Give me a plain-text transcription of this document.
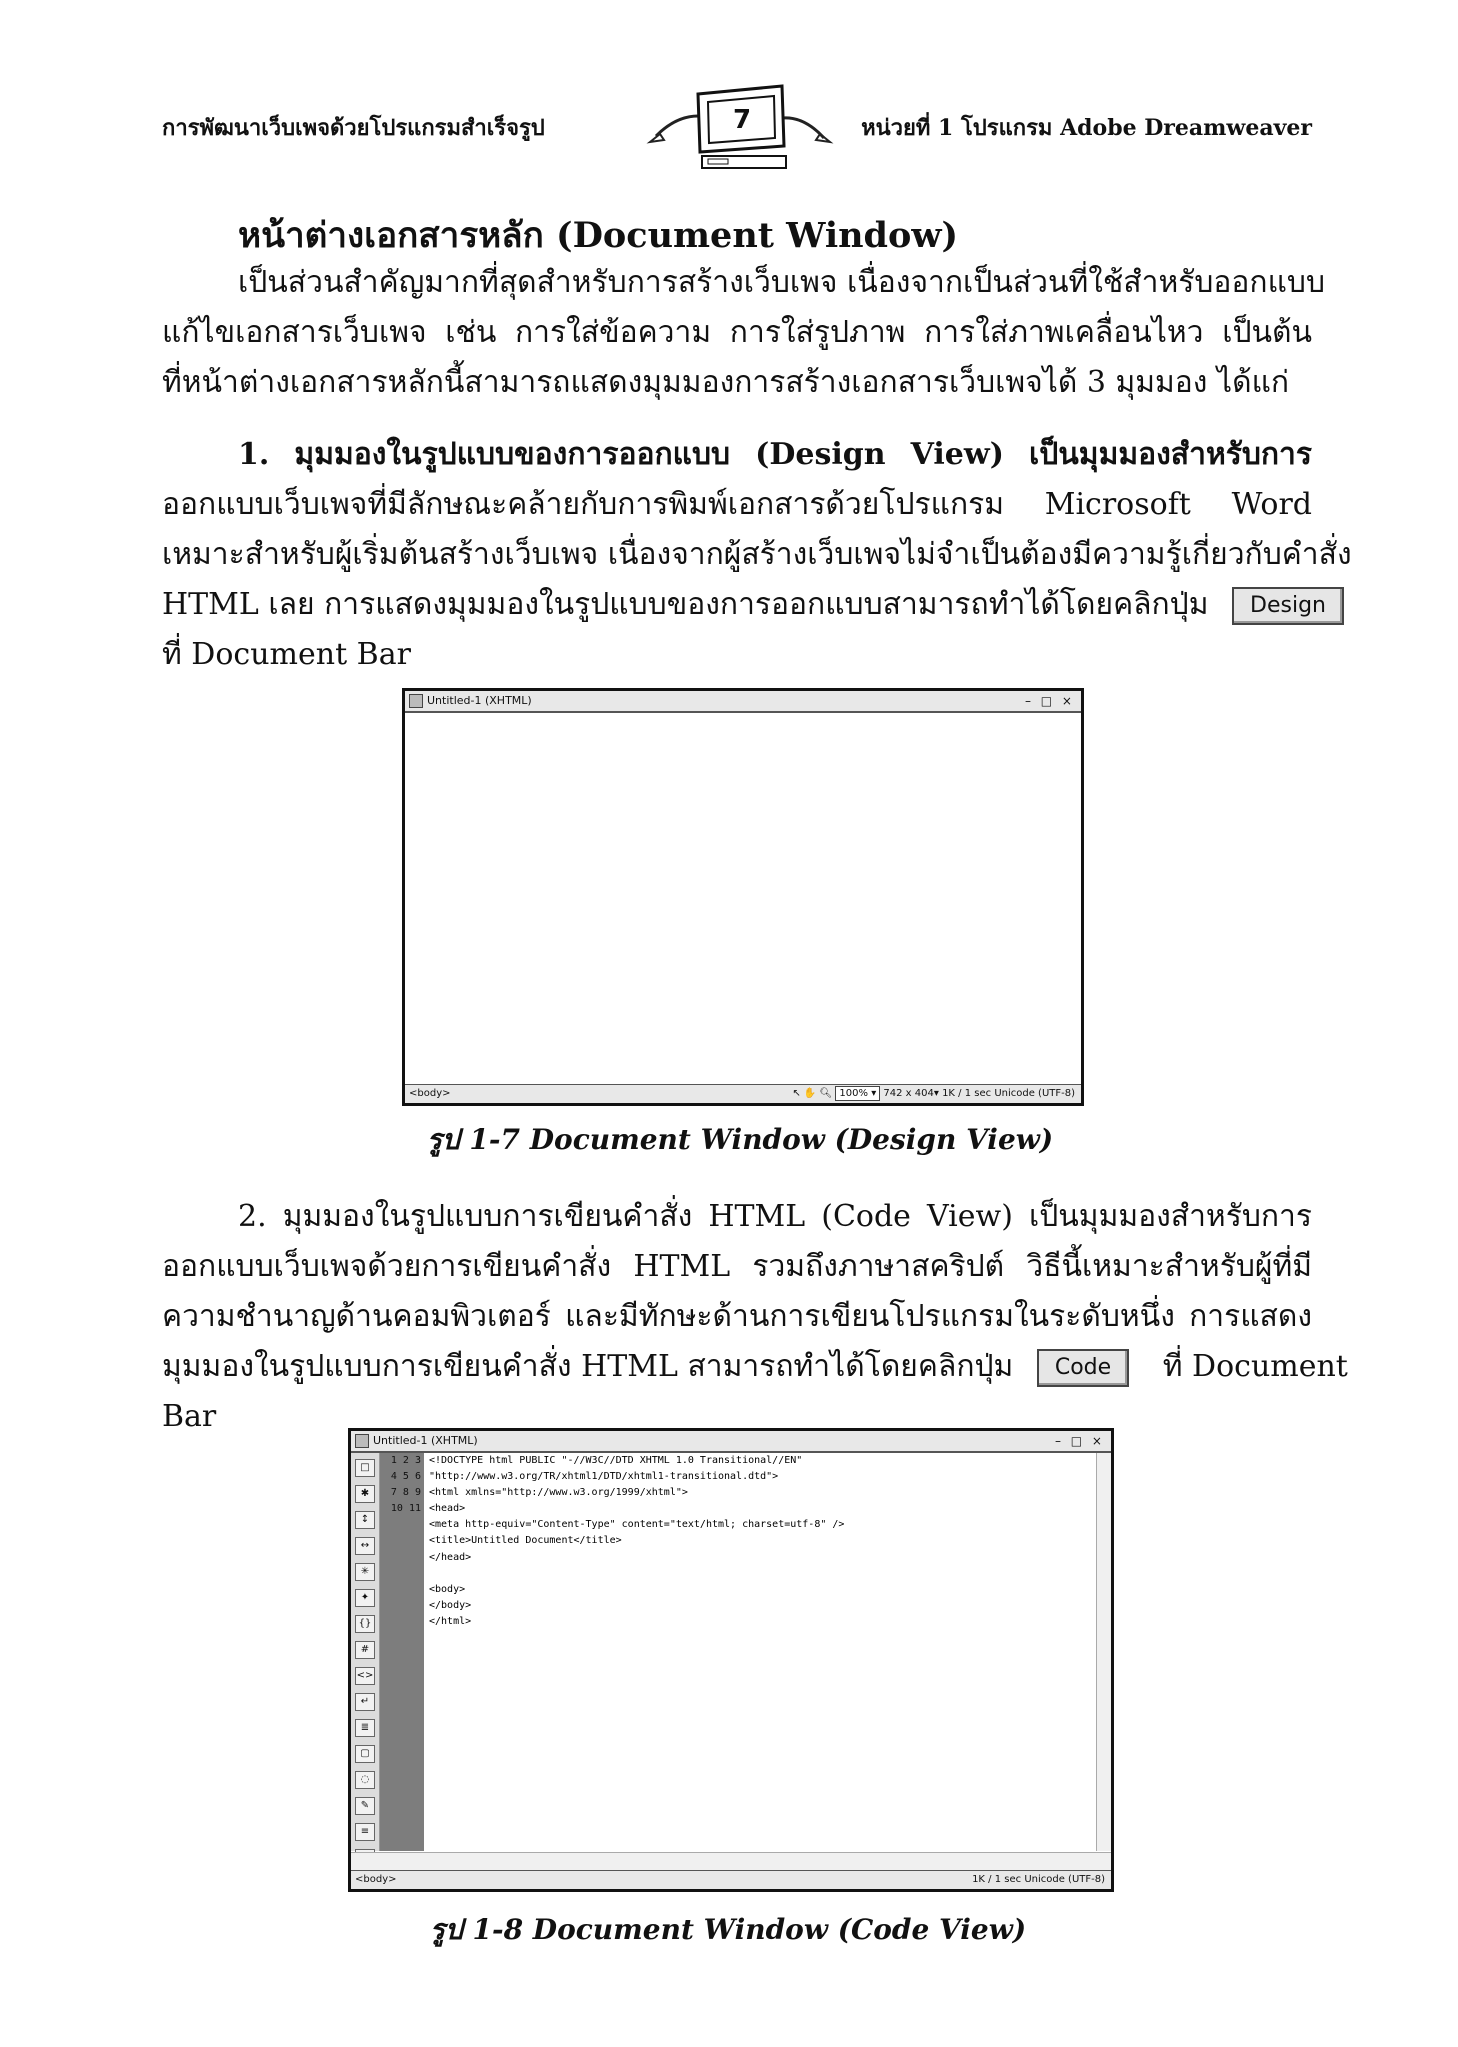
การพัฒนาเว็บเพจด้วยโปรแกรมสำเร็จรูป	7	หน่วยที่ 1 โปรแกรม Adobe Dreamweaver
หน้าต่างเอกสารหลัก (Document Window)
เป็นส่วนสำคัญมากที่สุดสำหรับการสร้างเว็บเพจ เนื่องจากเป็นส่วนที่ใช้สำหรับออกแบบ
แก้ไขเอกสารเว็บเพจ เช่น การใส่ข้อความ การใส่รูปภาพ การใส่ภาพเคลื่อนไหว เป็นต้น
ที่หน้าต่างเอกสารหลักนี้สามารถแสดงมุมมองการสร้างเอกสารเว็บเพจได้ 3 มุมมอง ได้แก่
1. มุมมองในรูปแบบของการออกแบบ (Design View) เป็นมุมมองสำหรับการ
ออกแบบเว็บเพจที่มีลักษณะคล้ายกับการพิมพ์เอกสารด้วยโปรแกรม Microsoft Word
เหมาะสำหรับผู้เริ่มต้นสร้างเว็บเพจ เนื่องจากผู้สร้างเว็บเพจไม่จำเป็นต้องมีความรู้เกี่ยวกับคำสั่ง
HTML เลย การแสดงมุมมองในรูปแบบของการออกแบบสามารถทำได้โดยคลิกปุ่ม Design
ที่ Document Bar
Untitled-1 (XHTML)	– □ ×
<body>	↖ ✋ 🔍︎ 100% ▾ 742 x 404▾ 1K / 1 sec Unicode (UTF-8)
รูป 1-7 Document Window (Design View)
2. มุมมองในรูปแบบการเขียนคำสั่ง HTML (Code View) เป็นมุมมองสำหรับการ
ออกแบบเว็บเพจด้วยการเขียนคำสั่ง HTML รวมถึงภาษาสคริปต์ วิธีนี้เหมาะสำหรับผู้ที่มี
ความชำนาญด้านคอมพิวเตอร์ และมีทักษะด้านการเขียนโปรแกรมในระดับหนึ่ง การแสดง
มุมมองในรูปแบบการเขียนคำสั่ง HTML สามารถทำได้โดยคลิกปุ่ม Code ที่ Document
Bar
Untitled-1 (XHTML)	– □ ×
□
✱
↕
↔
✳
✦
{}
#
<>
↵
≣
▢
◌
✎
≡
1 2 3 4 5 6 7 8 9 10 11
<!DOCTYPE html PUBLIC "-//W3C//DTD XHTML 1.0 Transitional//EN"
"http://www.w3.org/TR/xhtml1/DTD/xhtml1-transitional.dtd">
<html xmlns="http://www.w3.org/1999/xhtml">
<head>
<meta http-equiv="Content-Type" content="text/html; charset=utf-8" />
<title>Untitled Document</title>
</head>

<body>
</body>
</html>
<body>	1K / 1 sec Unicode (UTF-8)
รูป 1-8 Document Window (Code View)
